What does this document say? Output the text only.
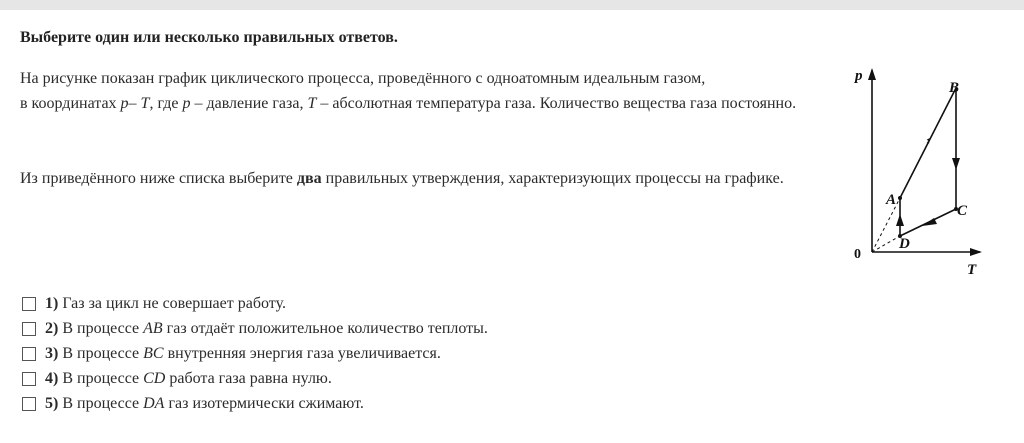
Выберите один или несколько правильных ответов.
На рисунке показан график циклического процесса, проведённого с одноатомным идеальным газом,
в координатах p– T, где p – давление газа, T – абсолютная температура газа. Количество вещества газа постоянно.
Из приведённого ниже списка выберите два правильных утверждения, характеризующих процессы на графике.
p
T
0
A
B
C
D
1) Газ за цикл не совершает работу.
2) В процессе AB газ отдаёт положительное количество теплоты.
3) В процессе BC внутренняя энергия газа увеличивается.
4) В процессе CD работа газа равна нулю.
5) В процессе DA газ изотермически сжимают.
